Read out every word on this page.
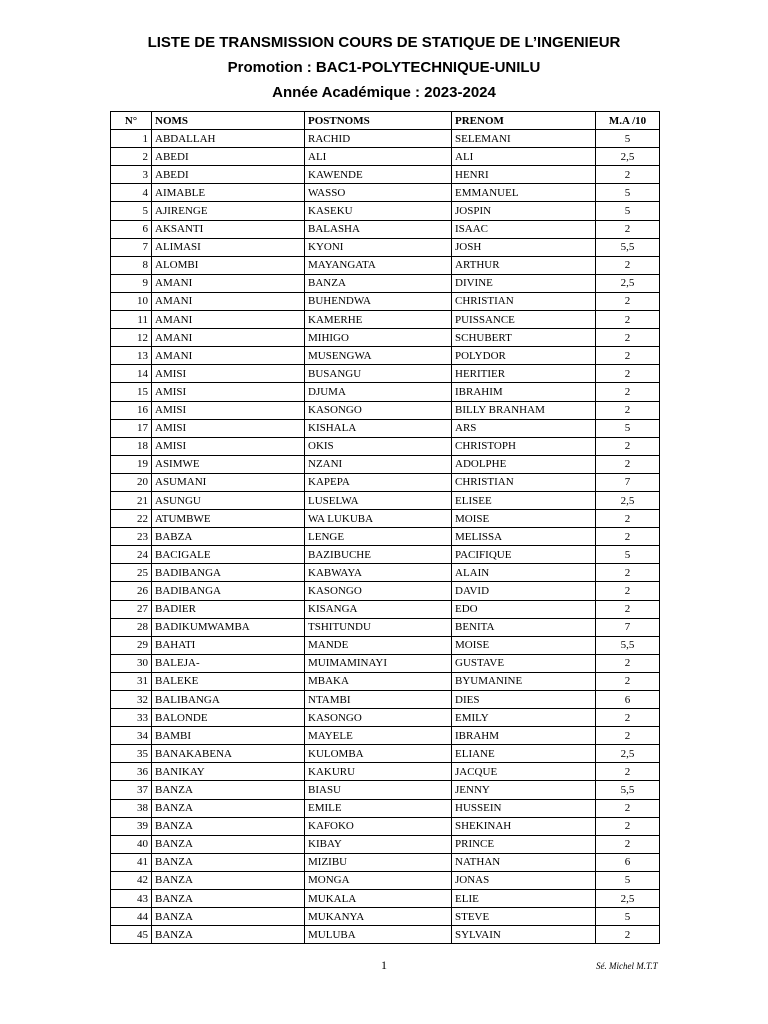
LISTE DE TRANSMISSION COURS DE STATIQUE DE L’INGENIEUR
Promotion : BAC1-POLYTECHNIQUE-UNILU
Année Académique : 2023-2024
N°	NOMS	POSTNOMS	PRENOM	M.A /10
1	ABDALLAH	RACHID	SELEMANI	5
2	ABEDI	ALI	ALI	2,5
3	ABEDI	KAWENDE	HENRI	2
4	AIMABLE	WASSO	EMMANUEL	5
5	AJIRENGE	KASEKU	JOSPIN	5
6	AKSANTI	BALASHA	ISAAC	2
7	ALIMASI	KYONI	JOSH	5,5
8	ALOMBI	MAYANGATA	ARTHUR	2
9	AMANI	BANZA	DIVINE	2,5
10	AMANI	BUHENDWA	CHRISTIAN	2
11	AMANI	KAMERHE	PUISSANCE	2
12	AMANI	MIHIGO	SCHUBERT	2
13	AMANI	MUSENGWA	POLYDOR	2
14	AMISI	BUSANGU	HERITIER	2
15	AMISI	DJUMA	IBRAHIM	2
16	AMISI	KASONGO	BILLY BRANHAM	2
17	AMISI	KISHALA	ARS	5
18	AMISI	OKIS	CHRISTOPH	2
19	ASIMWE	NZANI	ADOLPHE	2
20	ASUMANI	KAPEPA	CHRISTIAN	7
21	ASUNGU	LUSELWA	ELISEE	2,5
22	ATUMBWE	WA LUKUBA	MOISE	2
23	BABZA	LENGE	MELISSA	2
24	BACIGALE	BAZIBUCHE	PACIFIQUE	5
25	BADIBANGA	KABWAYA	ALAIN	2
26	BADIBANGA	KASONGO	DAVID	2
27	BADIER	KISANGA	EDO	2
28	BADIKUMWAMBA	TSHITUNDU	BENITA	7
29	BAHATI	MANDE	MOISE	5,5
30	BALEJA-	MUIMAMINAYI	GUSTAVE	2
31	BALEKE	MBAKA	BYUMANINE	2
32	BALIBANGA	NTAMBI	DIES	6
33	BALONDE	KASONGO	EMILY	2
34	BAMBI	MAYELE	IBRAHM	2
35	BANAKABENA	KULOMBA	ELIANE	2,5
36	BANIKAY	KAKURU	JACQUE	2
37	BANZA	BIASU	JENNY	5,5
38	BANZA	EMILE	HUSSEIN	2
39	BANZA	KAFOKO	SHEKINAH	2
40	BANZA	KIBAY	PRINCE	2
41	BANZA	MIZIBU	NATHAN	6
42	BANZA	MONGA	JONAS	5
43	BANZA	MUKALA	ELIE	2,5
44	BANZA	MUKANYA	STEVE	5
45	BANZA	MULUBA	SYLVAIN	2
1	Sé. Michel M.T.T
